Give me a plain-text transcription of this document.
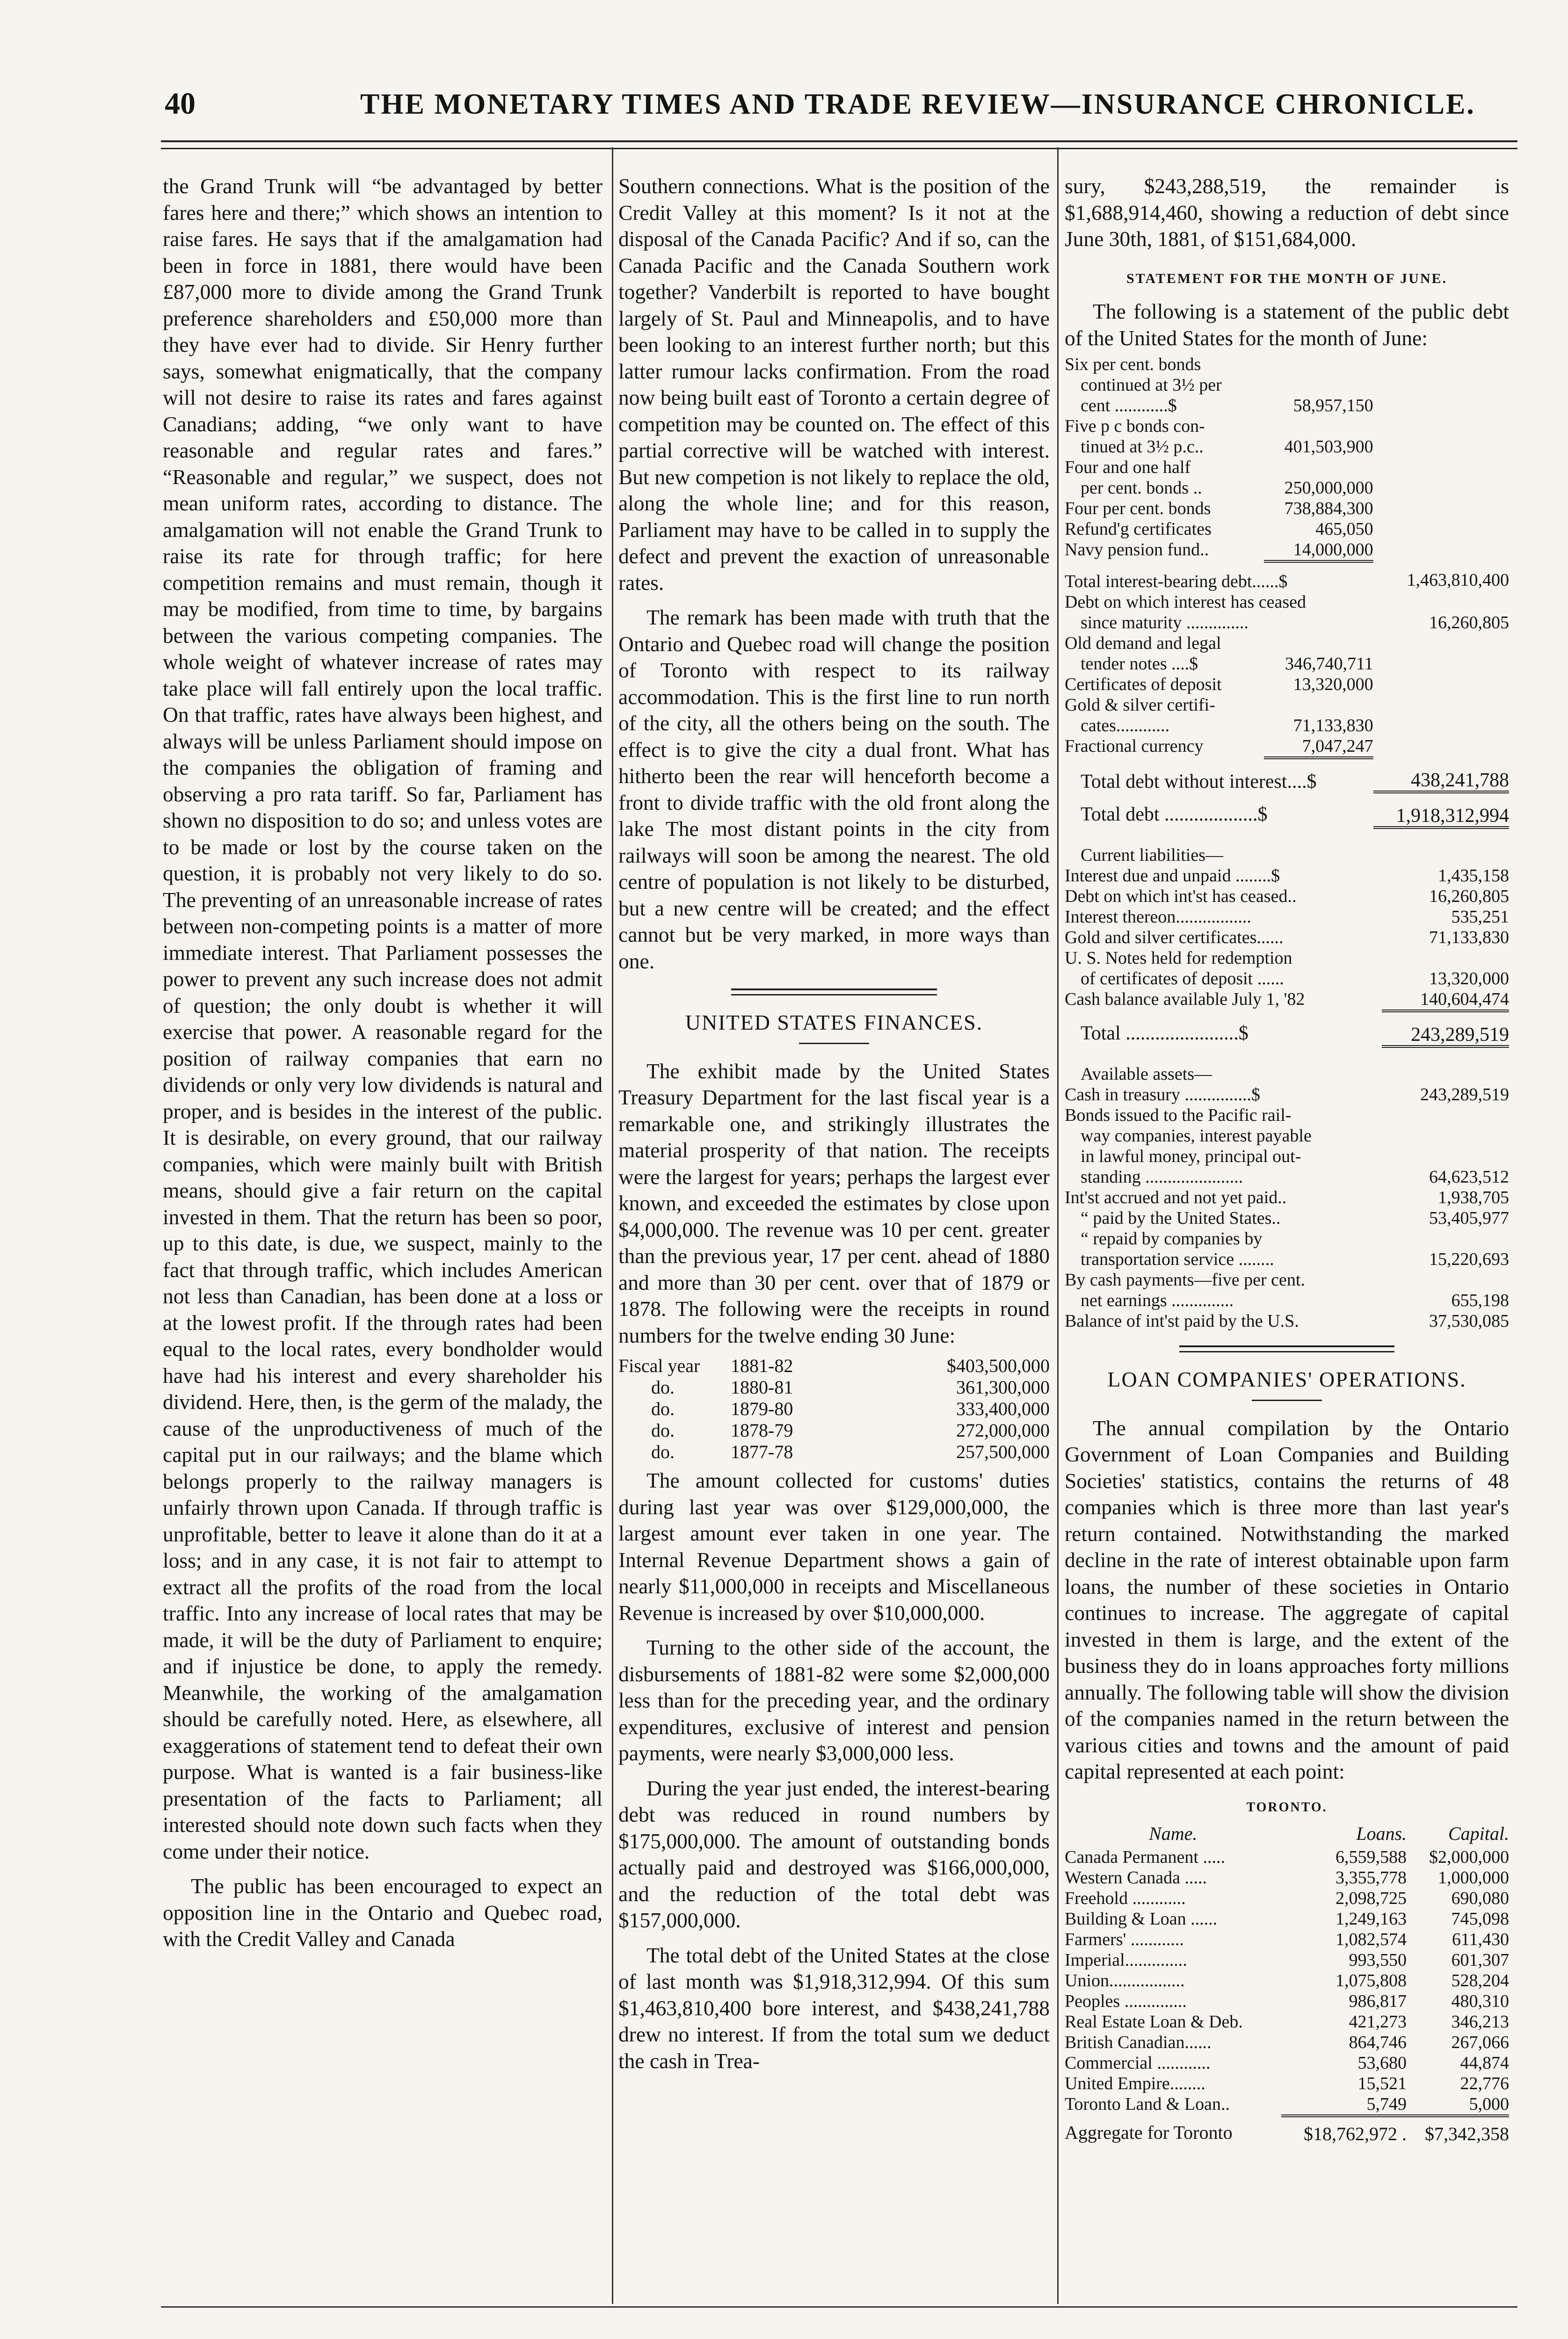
40	THE MONETARY TIMES AND TRADE REVIEW—INSURANCE CHRONICLE.

the Grand Trunk will “be advantaged by better fares here and there;” which shows an intention to raise fares. He says that if the amalgamation had been in force in 1881, there would have been £87,000 more to divide among the Grand Trunk preference shareholders and £50,000 more than they have ever had to divide. Sir Henry further says, somewhat enigmatically, that the company will not desire to raise its rates and fares against Canadians; adding, “we only want to have reasonable and regular rates and fares.” “Reasonable and regular,” we suspect, does not mean uniform rates, according to distance. The amalgamation will not enable the Grand Trunk to raise its rate for through traffic; for here competition remains and must remain, though it may be modified, from time to time, by bargains between the various competing companies. The whole weight of whatever increase of rates may take place will fall entirely upon the local traffic. On that traffic, rates have always been highest, and always will be unless Parliament should impose on the companies the obligation of framing and observing a pro rata tariff. So far, Parliament has shown no disposition to do so; and unless votes are to be made or lost by the course taken on the question, it is probably not very likely to do so. The preventing of an unreasonable increase of rates between non-competing points is a matter of more immediate interest. That Parliament possesses the power to prevent any such increase does not admit of question; the only doubt is whether it will exercise that power. A reasonable regard for the position of railway companies that earn no dividends or only very low dividends is natural and proper, and is besides in the interest of the public. It is desirable, on every ground, that our railway companies, which were mainly built with British means, should give a fair return on the capital invested in them. That the return has been so poor, up to this date, is due, we suspect, mainly to the fact that through traffic, which includes American not less than Canadian, has been done at a loss or at the lowest profit. If the through rates had been equal to the local rates, every bondholder would have had his interest and every shareholder his dividend. Here, then, is the germ of the malady, the cause of the unproductiveness of much of the capital put in our railways; and the blame which belongs properly to the railway managers is unfairly thrown upon Canada. If through traffic is unprofitable, better to leave it alone than do it at a loss; and in any case, it is not fair to attempt to extract all the profits of the road from the local traffic. Into any increase of local rates that may be made, it will be the duty of Parliament to enquire; and if injustice be done, to apply the remedy. Meanwhile, the working of the amalgamation should be carefully noted. Here, as elsewhere, all exaggerations of statement tend to defeat their own purpose. What is wanted is a fair business-like presentation of the facts to Parliament; all interested should note down such facts when they come under their notice.

The public has been encouraged to expect an opposition line in the Ontario and Quebec road, with the Credit Valley and Canada

Southern connections. What is the position of the Credit Valley at this moment? Is it not at the disposal of the Canada Pacific? And if so, can the Canada Pacific and the Canada Southern work together? Vanderbilt is reported to have bought largely of St. Paul and Minneapolis, and to have been looking to an interest further north; but this latter rumour lacks confirmation. From the road now being built east of Toronto a certain degree of competition may be counted on. The effect of this partial corrective will be watched with interest. But new competion is not likely to replace the old, along the whole line; and for this reason, Parliament may have to be called in to supply the defect and prevent the exaction of unreasonable rates.

The remark has been made with truth that the Ontario and Quebec road will change the position of Toronto with respect to its railway accommodation. This is the first line to run north of the city, all the others being on the south. The effect is to give the city a dual front. What has hitherto been the rear will henceforth become a front to divide traffic with the old front along the lake The most distant points in the city from railways will soon be among the nearest. The old centre of population is not likely to be disturbed, but a new centre will be created; and the effect cannot but be very marked, in more ways than one.

UNITED STATES FINANCES.

The exhibit made by the United States Treasury Department for the last fiscal year is a remarkable one, and strikingly illustrates the material prosperity of that nation. The receipts were the largest for years; perhaps the largest ever known, and exceeded the estimates by close upon $4,000,000. The revenue was 10 per cent. greater than the previous year, 17 per cent. ahead of 1880 and more than 30 per cent. over that of 1879 or 1878. The following were the receipts in round numbers for the twelve ending 30 June:

Fiscal year	1881-82	$403,500,000
do.	1880-81	361,300,000
do.	1879-80	333,400,000
do.	1878-79	272,000,000
do.	1877-78	257,500,000

The amount collected for customs' duties during last year was over $129,000,000, the largest amount ever taken in one year. The Internal Revenue Department shows a gain of nearly $11,000,000 in receipts and Miscellaneous Revenue is increased by over $10,000,000.

Turning to the other side of the account, the disbursements of 1881-82 were some $2,000,000 less than for the preceding year, and the ordinary expenditures, exclusive of interest and pension payments, were nearly $3,000,000 less.

During the year just ended, the interest-bearing debt was reduced in round numbers by $175,000,000. The amount of outstanding bonds actually paid and destroyed was $166,000,000, and the reduction of the total debt was $157,000,000.

The total debt of the United States at the close of last month was $1,918,312,994. Of this sum $1,463,810,400 bore interest, and $438,241,788 drew no interest. If from the total sum we deduct the cash in Trea-

sury, $243,288,519, the remainder is $1,688,914,460, showing a reduction of debt since June 30th, 1881, of $151,684,000.

STATEMENT FOR THE MONTH OF JUNE.

The following is a statement of the public debt of the United States for the month of June:

Six per cent. bonds		
continued at 3½ per		
cent ............$	58,957,150	
Five p c bonds con-		
tinued at 3½ p.c..	401,503,900	
Four and one half		
per cent. bonds ..	250,000,000	
Four per cent. bonds	738,884,300	
Refund'g certificates	465,050	
Navy pension fund..	14,000,000	
Total interest-bearing debt......$		1,463,810,400
Debt on which interest has ceased		
since maturity ..............		16,260,805
Old demand and legal		
tender notes ....$	346,740,711	
Certificates of deposit	13,320,000	
Gold & silver certifi-		
cates............	71,133,830	
Fractional currency	7,047,247	
Total debt without interest....$		438,241,788
Total debt ...................$		1,918,312,994
Current liabilities—	
Interest due and unpaid ........$	1,435,158
Debt on which int'st has ceased..	16,260,805
Interest thereon.................	535,251
Gold and silver certificates......	71,133,830
U. S. Notes held for redemption	
of certificates of deposit ......	13,320,000
Cash balance available July 1, '82	140,604,474
Total .......................$	243,289,519
Available assets—	
Cash in treasury ...............$	243,289,519
Bonds issued to the Pacific rail-	
way companies, interest payable	
in lawful money, principal out-	
standing ......................	64,623,512
Int'st accrued and not yet paid..	1,938,705
“ paid by the United States..	53,405,977
“ repaid by companies by	
transportation service ........	15,220,693
By cash payments—five per cent.	
net earnings ..............	655,198
Balance of int'st paid by the U.S.	37,530,085
LOAN COMPANIES' OPERATIONS.

The annual compilation by the Ontario Government of Loan Companies and Building Societies' statistics, contains the returns of 48 companies which is three more than last year's return contained. Notwithstanding the marked decline in the rate of interest obtainable upon farm loans, the number of these societies in Ontario continues to increase. The aggregate of capital invested in them is large, and the extent of the business they do in loans approaches forty millions annually. The following table will show the division of the companies named in the return between the various cities and towns and the amount of paid capital represented at each point:

TORONTO.
Name.	Loans.	Capital.
Canada Permanent .....	6,559,588	$2,000,000
Western Canada .....	3,355,778	1,000,000
Freehold ............	2,098,725	690,080
Building & Loan ......	1,249,163	745,098
Farmers' ............	1,082,574	611,430
Imperial..............	993,550	601,307
Union.................	1,075,808	528,204
Peoples ..............	986,817	480,310
Real Estate Loan & Deb.	421,273	346,213
British Canadian......	864,746	267,066
Commercial ............	53,680	44,874
United Empire........	15,521	22,776
Toronto Land & Loan..	5,749	5,000
Aggregate for Toronto	$18,762,972 .	$7,342,358
